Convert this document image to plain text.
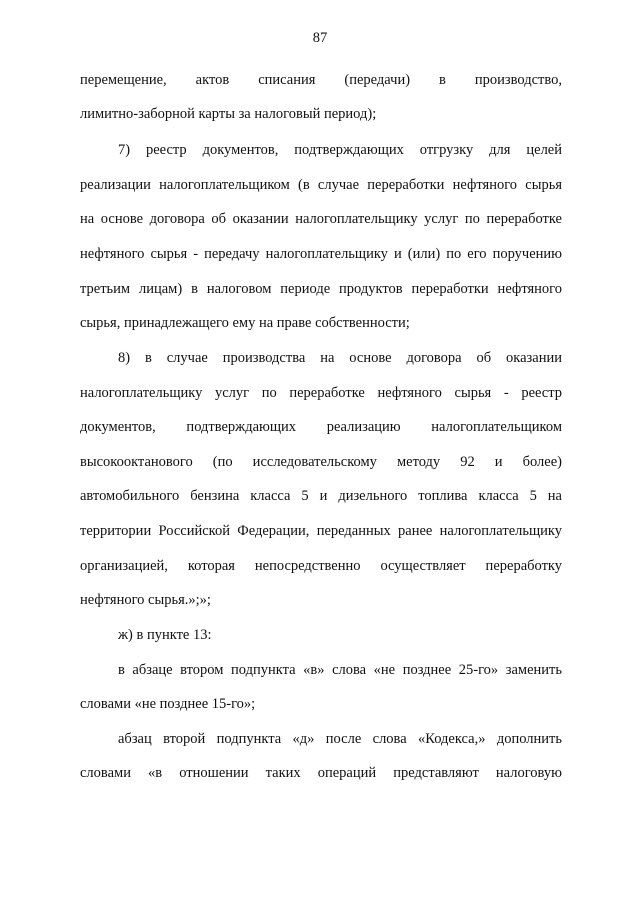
87
перемещение, актов списания (передачи) в производство,
лимитно-заборной карты за налоговый период);
7) реестр документов, подтверждающих отгрузку для целей
реализации налогоплательщиком (в случае переработки нефтяного сырья
на основе договора об оказании налогоплательщику услуг по переработке
нефтяного сырья - передачу налогоплательщику и (или) по его поручению
третьим лицам) в налоговом периоде продуктов переработки нефтяного
сырья, принадлежащего ему на праве собственности;
8) в случае производства на основе договора об оказании
налогоплательщику услуг по переработке нефтяного сырья - реестр
документов, подтверждающих реализацию налогоплательщиком
высокооктанового (по исследовательскому методу 92 и более)
автомобильного бензина класса 5 и дизельного топлива класса 5 на
территории Российской Федерации, переданных ранее налогоплательщику
организацией, которая непосредственно осуществляет переработку
нефтяного сырья.»;»;
ж) в пункте 13:
в абзаце втором подпункта «в» слова «не позднее 25-го» заменить
словами «не позднее 15-го»;
абзац второй подпункта «д» после слова «Кодекса,» дополнить
словами «в отношении таких операций представляют налоговую
